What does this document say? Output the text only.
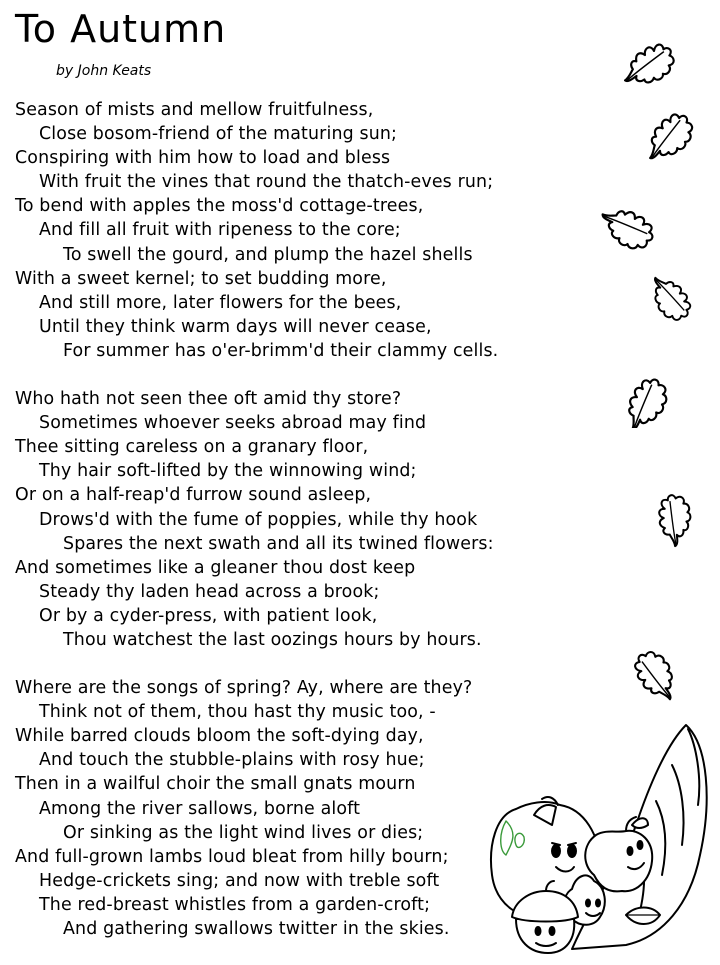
To Autumn
by John Keats
Season of mists and mellow fruitfulness,
Close bosom-friend of the maturing sun;
Conspiring with him how to load and bless
With fruit the vines that round the thatch-eves run;
To bend with apples the moss'd cottage-trees,
And fill all fruit with ripeness to the core;
To swell the gourd, and plump the hazel shells
With a sweet kernel; to set budding more,
And still more, later flowers for the bees,
Until they think warm days will never cease,
For summer has o'er-brimm'd their clammy cells.
Who hath not seen thee oft amid thy store?
Sometimes whoever seeks abroad may find
Thee sitting careless on a granary floor,
Thy hair soft-lifted by the winnowing wind;
Or on a half-reap'd furrow sound asleep,
Drows'd with the fume of poppies, while thy hook
Spares the next swath and all its twined flowers:
And sometimes like a gleaner thou dost keep
Steady thy laden head across a brook;
Or by a cyder-press, with patient look,
Thou watchest the last oozings hours by hours.
Where are the songs of spring? Ay, where are they?
Think not of them, thou hast thy music too, -
While barred clouds bloom the soft-dying day,
And touch the stubble-plains with rosy hue;
Then in a wailful choir the small gnats mourn
Among the river sallows, borne aloft
Or sinking as the light wind lives or dies;
And full-grown lambs loud bleat from hilly bourn;
Hedge-crickets sing; and now with treble soft
The red-breast whistles from a garden-croft;
And gathering swallows twitter in the skies.
